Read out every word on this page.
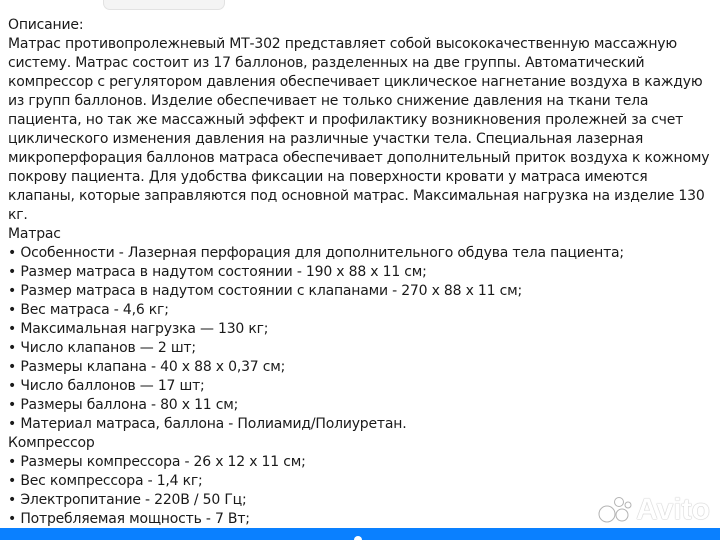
Описание:

Матрас противопролежневый МТ-302 представляет собой высококачественную массажную систему. Матрас состоит из 17 баллонов, разделенных на две группы. Автоматический компрессор с регулятором давления обеспечивает циклическое нагнетание воздуха в каждую из групп баллонов. Изделие обеспечивает не только снижение давления на ткани тела пациента, но так же массажный эффект и профилактику возникновения пролежней за счет циклического изменения давления на различные участки тела. Специальная лазерная микроперфорация баллонов матраса обеспечивает дополнительный приток воздуха к кожному покрову пациента. Для удобства фиксации на поверхности кровати у матраса имеются клапаны, которые заправляются под основной матрас. Максимальная нагрузка на изделие 130 кг.

Матрас

• Особенности - Лазерная перфорация для дополнительного обдува тела пациента;
• Размер матраса в надутом состоянии - 190 х 88 х 11 см;
• Размер матраса в надутом состоянии с клапанами - 270 х 88 х 11 см;
• Вес матраса - 4,6 кг;
• Максимальная нагрузка — 130 кг;
• Число клапанов — 2 шт;
• Размеры клапана - 40 х 88 х 0,37 см;
• Число баллонов — 17 шт;
• Размеры баллона - 80 х 11 см;
• Материал матраса, баллона - Полиамид/Полиуретан.

Компрессор

• Размеры компрессора - 26 х 12 х 11 см;
• Вес компрессора - 1,4 кг;
• Электропитание - 220В / 50 Гц;
• Потребляемая мощность - 7 Вт;	Avito
